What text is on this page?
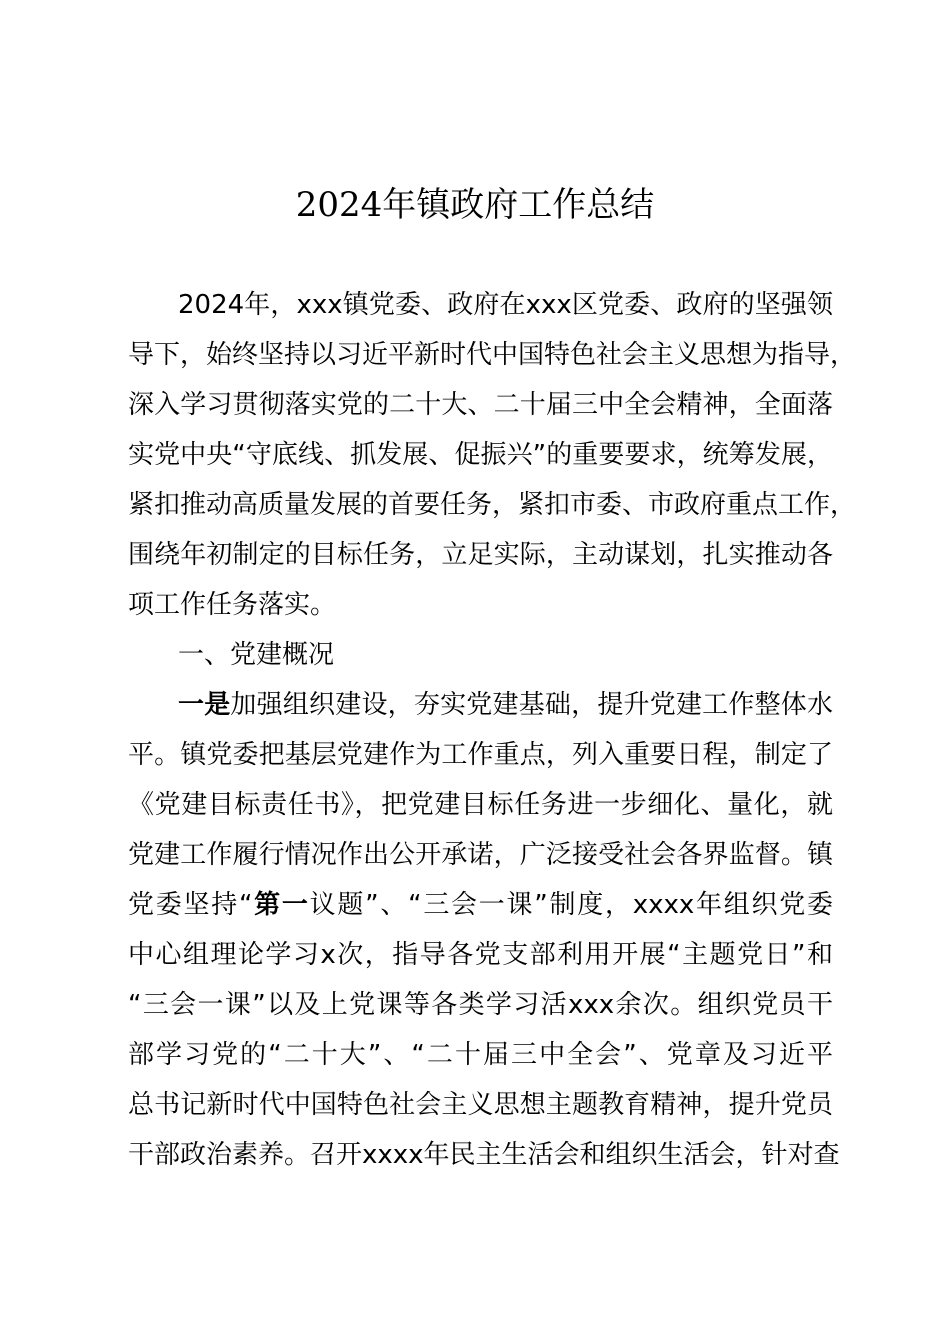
2024年镇政府工作总结
2024年，xxx镇党委、政府在xxx区党委、政府的坚强领
导下，始终坚持以习近平新时代中国特色社会主义思想为指导，
深入学习贯彻落实党的二十大、二十届三中全会精神，全面落
实党中央“守底线、抓发展、促振兴”的重要要求，统筹发展，
紧扣推动高质量发展的首要任务，紧扣市委、市政府重点工作，
围绕年初制定的目标任务，立足实际，主动谋划，扎实推动各
项工作任务落实。
一、党建概况
一是加强组织建设，夯实党建基础，提升党建工作整体水
平。镇党委把基层党建作为工作重点，列入重要日程，制定了
《党建目标责任书》，把党建目标任务进一步细化、量化，就
党建工作履行情况作出公开承诺，广泛接受社会各界监督。镇
党委坚持“第一议题”、“三会一课”制度，xxxx年组织党委
中心组理论学习x次，指导各党支部利用开展“主题党日”和
“三会一课”以及上党课等各类学习活xxx余次。组织党员干
部学习党的“二十大”、“二十届三中全会”、党章及习近平
总书记新时代中国特色社会主义思想主题教育精神，提升党员
干部政治素养。召开xxxx年民主生活会和组织生活会，针对查
